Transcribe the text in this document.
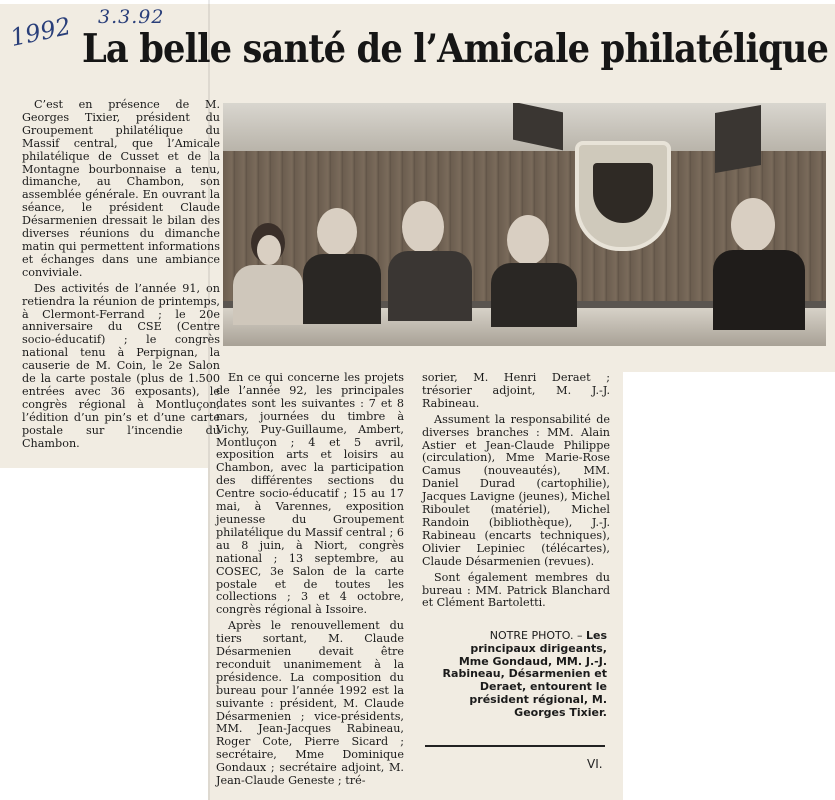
1992 3.3.92
La belle santé de l’Amicale philatélique

C’est en présence de M. Georges Tixier, président du Groupement philatélique du Massif central, que l’Amicale philatélique de Cusset et de la Montagne bourbonnaise a tenu, dimanche, au Chambon, son assemblée générale. En ouvrant la séance, le président Claude Désarmenien dressait le bilan des diverses réunions du dimanche matin qui permettent informations et échanges dans une ambiance conviviale.

Des activités de l’année 91, on retiendra la réunion de printemps, à Clermont-Ferrand ; le 20e anniversaire du CSE (Centre socio-éducatif) ; le congrès national tenu à Perpignan, la causerie de M. Coin, le 2e Salon de la carte postale (plus de 1.500 entrées avec 36 exposants), le congrès régional à Montluçon, l’édition d’un pin’s et d’une carte postale sur l’incendie du Chambon.

En ce qui concerne les projets de l’année 92, les principales dates sont les suivantes : 7 et 8 mars, journées du timbre à Vichy, Puy-Guillaume, Ambert, Montluçon ; 4 et 5 avril, exposition arts et loisirs au Chambon, avec la participation des différentes sections du Centre socio-éducatif ; 15 au 17 mai, à Varennes, exposition jeunesse du Groupement philatélique du Massif central ; 6 au 8 juin, à Niort, congrès national ; 13 septembre, au COSEC, 3e Salon de la carte postale et de toutes les collections ; 3 et 4 octobre, congrès régional à Issoire.

Après le renouvellement du tiers sortant, M. Claude Désarmenien devait être reconduit unanimement à la présidence. La composition du bureau pour l’année 1992 est la suivante : président, M. Claude Désarmenien ; vice-présidents, MM. Jean-Jacques Rabineau, Roger Cote, Pierre Sicard ; secrétaire, Mme Dominique Gondaux ; secrétaire adjoint, M. Jean-Claude Geneste ; tré-

sorier, M. Henri Deraet ; trésorier adjoint, M. J.-J. Rabineau.

Assument la responsabilité de diverses branches : MM. Alain Astier et Jean-Claude Philippe (circulation), Mme Marie-Rose Camus (nouveautés), MM. Daniel Durad (cartophilie), Jacques Lavigne (jeunes), Michel Riboulet (matériel), Michel Randoin (bibliothèque), J.-J. Rabineau (encarts techniques), Olivier Lepiniec (télécartes), Claude Désarmenien (revues).

Sont également membres du bureau : MM. Patrick Blanchard et Clément Bartoletti.

NOTRE PHOTO. – Les principaux dirigeants, Mme Gondaud, MM. J.-J. Rabineau, Désarmenien et Deraet, entourent le président régional, M. Georges Tixier.
VI.
